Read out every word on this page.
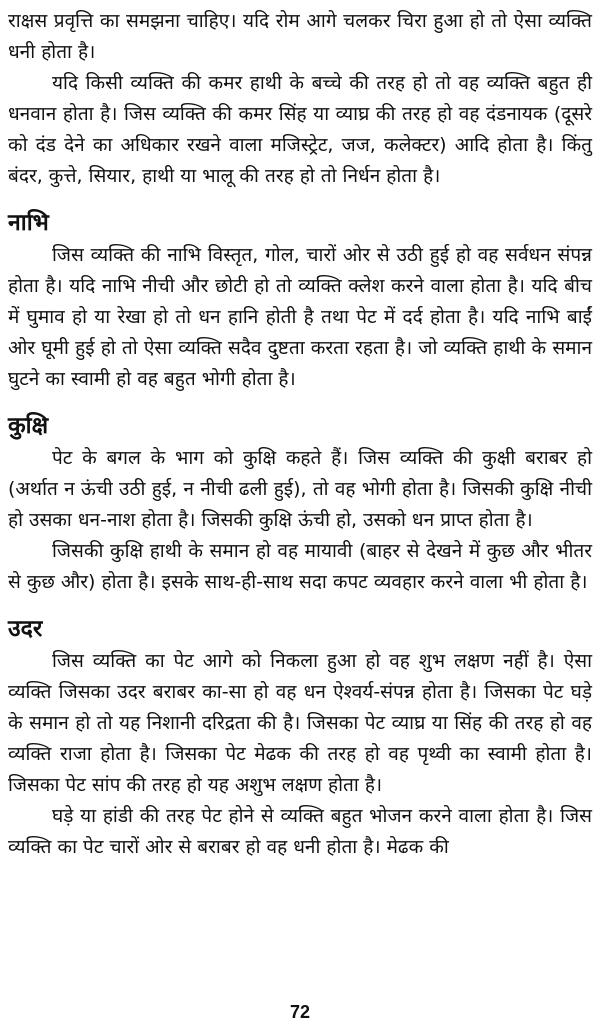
राक्षस प्रवृत्ति का समझना चाहिए। यदि रोम आगे चलकर चिरा हुआ हो तो ऐसा व्यक्ति धनी होता है।

यदि किसी व्यक्ति की कमर हाथी के बच्चे की तरह हो तो वह व्यक्ति बहुत ही धनवान होता है। जिस व्यक्ति की कमर सिंह या व्याघ्र की तरह हो वह दंडनायक (दूसरे को दंड देने का अधिकार रखने वाला मजिस्ट्रेट, जज, कलेक्टर) आदि होता है। किंतु बंदर, कुत्ते, सियार, हाथी या भालू की तरह हो तो निर्धन होता है।

नाभि

जिस व्यक्ति की नाभि विस्तृत, गोल, चारों ओर से उठी हुई हो वह सर्वधन संपन्न होता है। यदि नाभि नीची और छोटी हो तो व्यक्ति क्लेश करने वाला होता है। यदि बीच में घुमाव हो या रेखा हो तो धन हानि होती है तथा पेट में दर्द होता है। यदि नाभि बाईं ओर घूमी हुई हो तो ऐसा व्यक्ति सदैव दुष्टता करता रहता है। जो व्यक्ति हाथी के समान घुटने का स्वामी हो वह बहुत भोगी होता है।

कुक्षि

पेट के बगल के भाग को कुक्षि कहते हैं। जिस व्यक्ति की कुक्षी बराबर हो (अर्थात न ऊंची उठी हुई, न नीची ढली हुई), तो वह भोगी होता है। जिसकी कुक्षि नीची हो उसका धन-नाश होता है। जिसकी कुक्षि ऊंची हो, उसको धन प्राप्त होता है।

जिसकी कुक्षि हाथी के समान हो वह मायावी (बाहर से देखने में कुछ और भीतर से कुछ और) होता है। इसके साथ-ही-साथ सदा कपट व्यवहार करने वाला भी होता है।

उदर

जिस व्यक्ति का पेट आगे को निकला हुआ हो वह शुभ लक्षण नहीं है। ऐसा व्यक्ति जिसका उदर बराबर का-सा हो वह धन ऐश्वर्य-संपन्न होता है। जिसका पेट घड़े के समान हो तो यह निशानी दरिद्रता की है। जिसका पेट व्याघ्र या सिंह की तरह हो वह व्यक्ति राजा होता है। जिसका पेट मेढक की तरह हो वह पृथ्वी का स्वामी होता है। जिसका पेट सांप की तरह हो यह अशुभ लक्षण होता है।

घड़े या हांडी की तरह पेट होने से व्यक्ति बहुत भोजन करने वाला होता है। जिस व्यक्ति का पेट चारों ओर से बराबर हो वह धनी होता है। मेढक की

72
